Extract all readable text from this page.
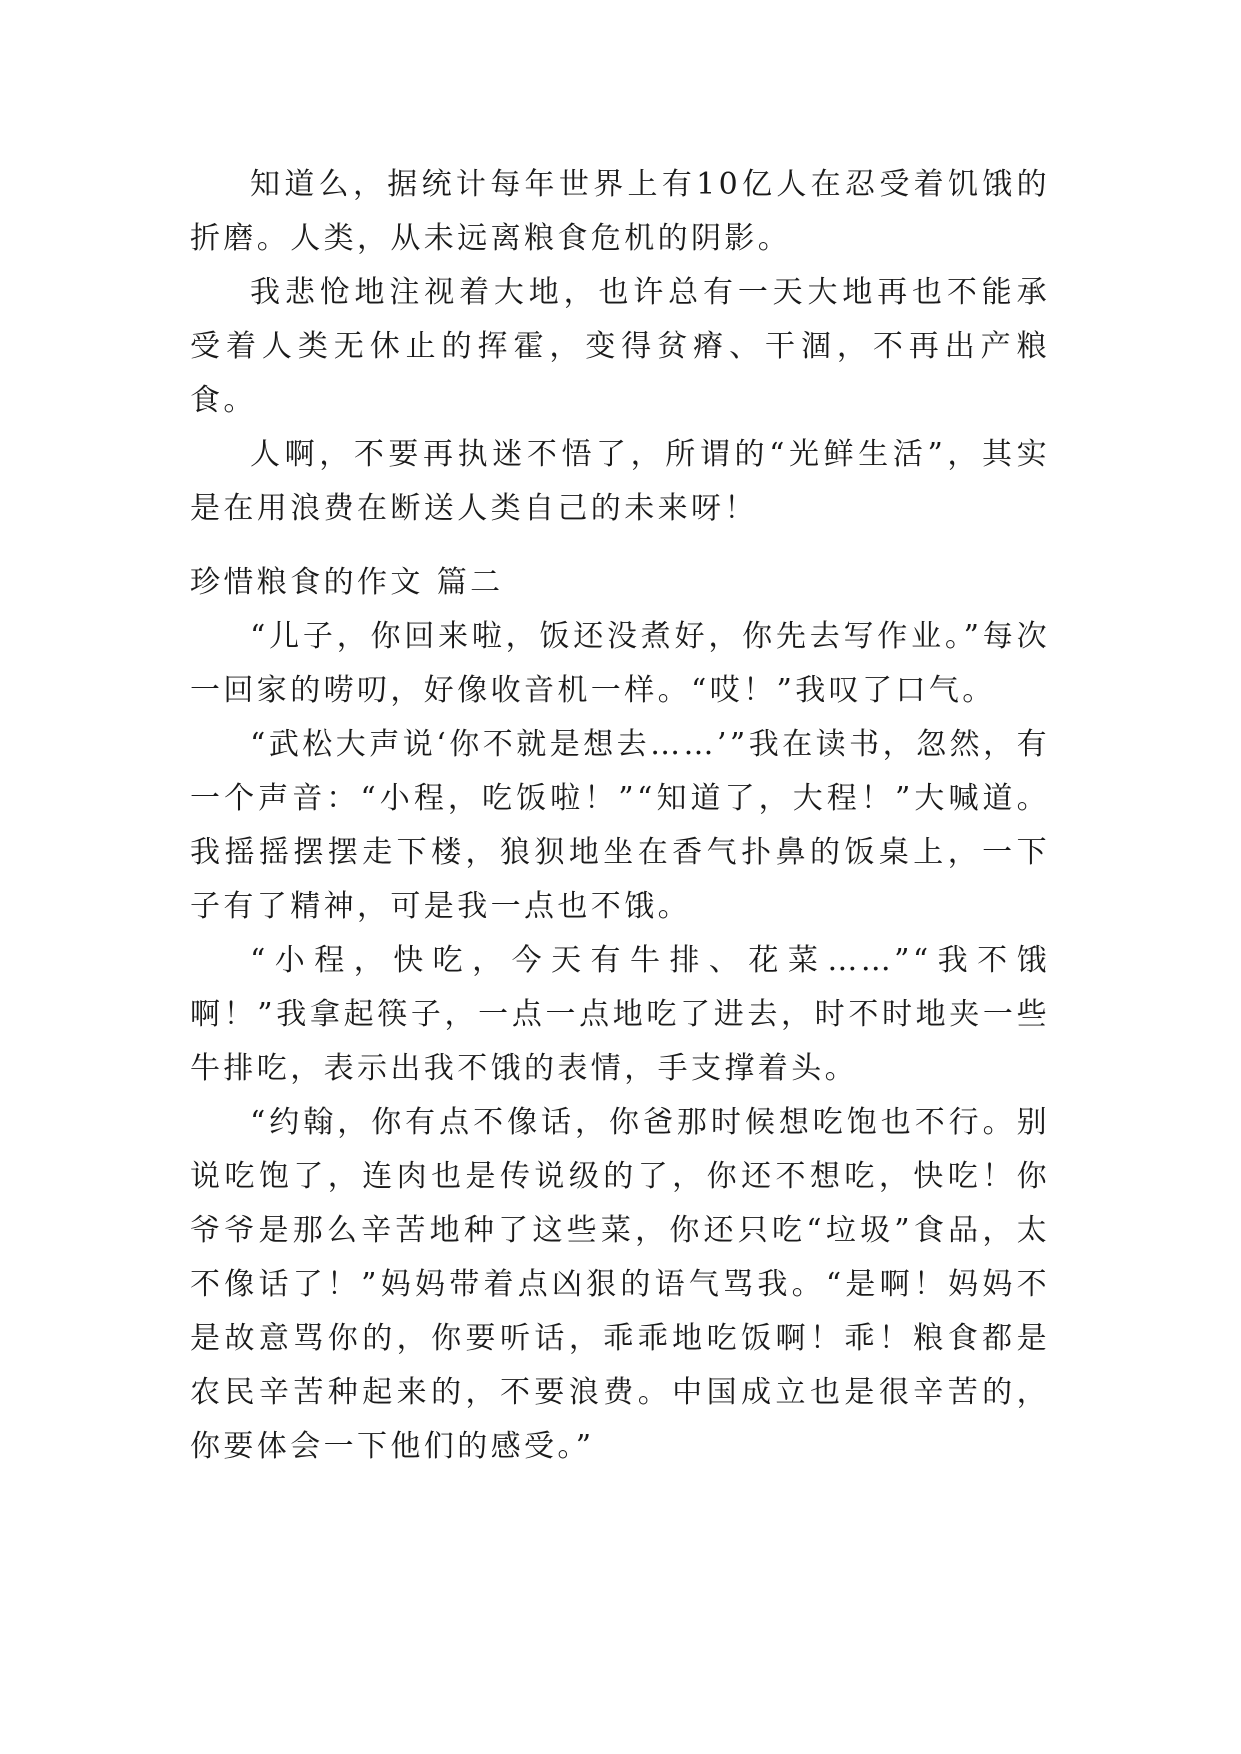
知道么，据统计每年世界上有10亿人在忍受着饥饿的折磨。人类，从未远离粮食危机的阴影。

我悲怆地注视着大地，也许总有一天大地再也不能承受着人类无休止的挥霍，变得贫瘠、干涸，不再出产粮食。

人啊，不要再执迷不悟了，所谓的“光鲜生活”，其实是在用浪费在断送人类自己的未来呀！

珍惜粮食的作文 篇二

“儿子，你回来啦，饭还没煮好，你先去写作业。”每次一回家的唠叨，好像收音机一样。“哎！”我叹了口气。

“武松大声说‘你不就是想去……’”我在读书，忽然，有一个声音：“小程，吃饭啦！”“知道了，大程！”大喊道。我摇摇摆摆走下楼，狼狈地坐在香气扑鼻的饭桌上，一下子有了精神，可是我一点也不饿。

“小程，快吃，今天有牛排、花菜……”“我不饿啊！”我拿起筷子，一点一点地吃了进去，时不时地夹一些牛排吃，表示出我不饿的表情，手支撑着头。

“约翰，你有点不像话，你爸那时候想吃饱也不行。别说吃饱了，连肉也是传说级的了，你还不想吃，快吃！你爷爷是那么辛苦地种了这些菜，你还只吃“垃圾”食品，太不像话了！”妈妈带着点凶狠的语气骂我。“是啊！妈妈不是故意骂你的，你要听话，乖乖地吃饭啊！乖！粮食都是农民辛苦种起来的，不要浪费。中国成立也是很辛苦的，你要体会一下他们的感受。”
